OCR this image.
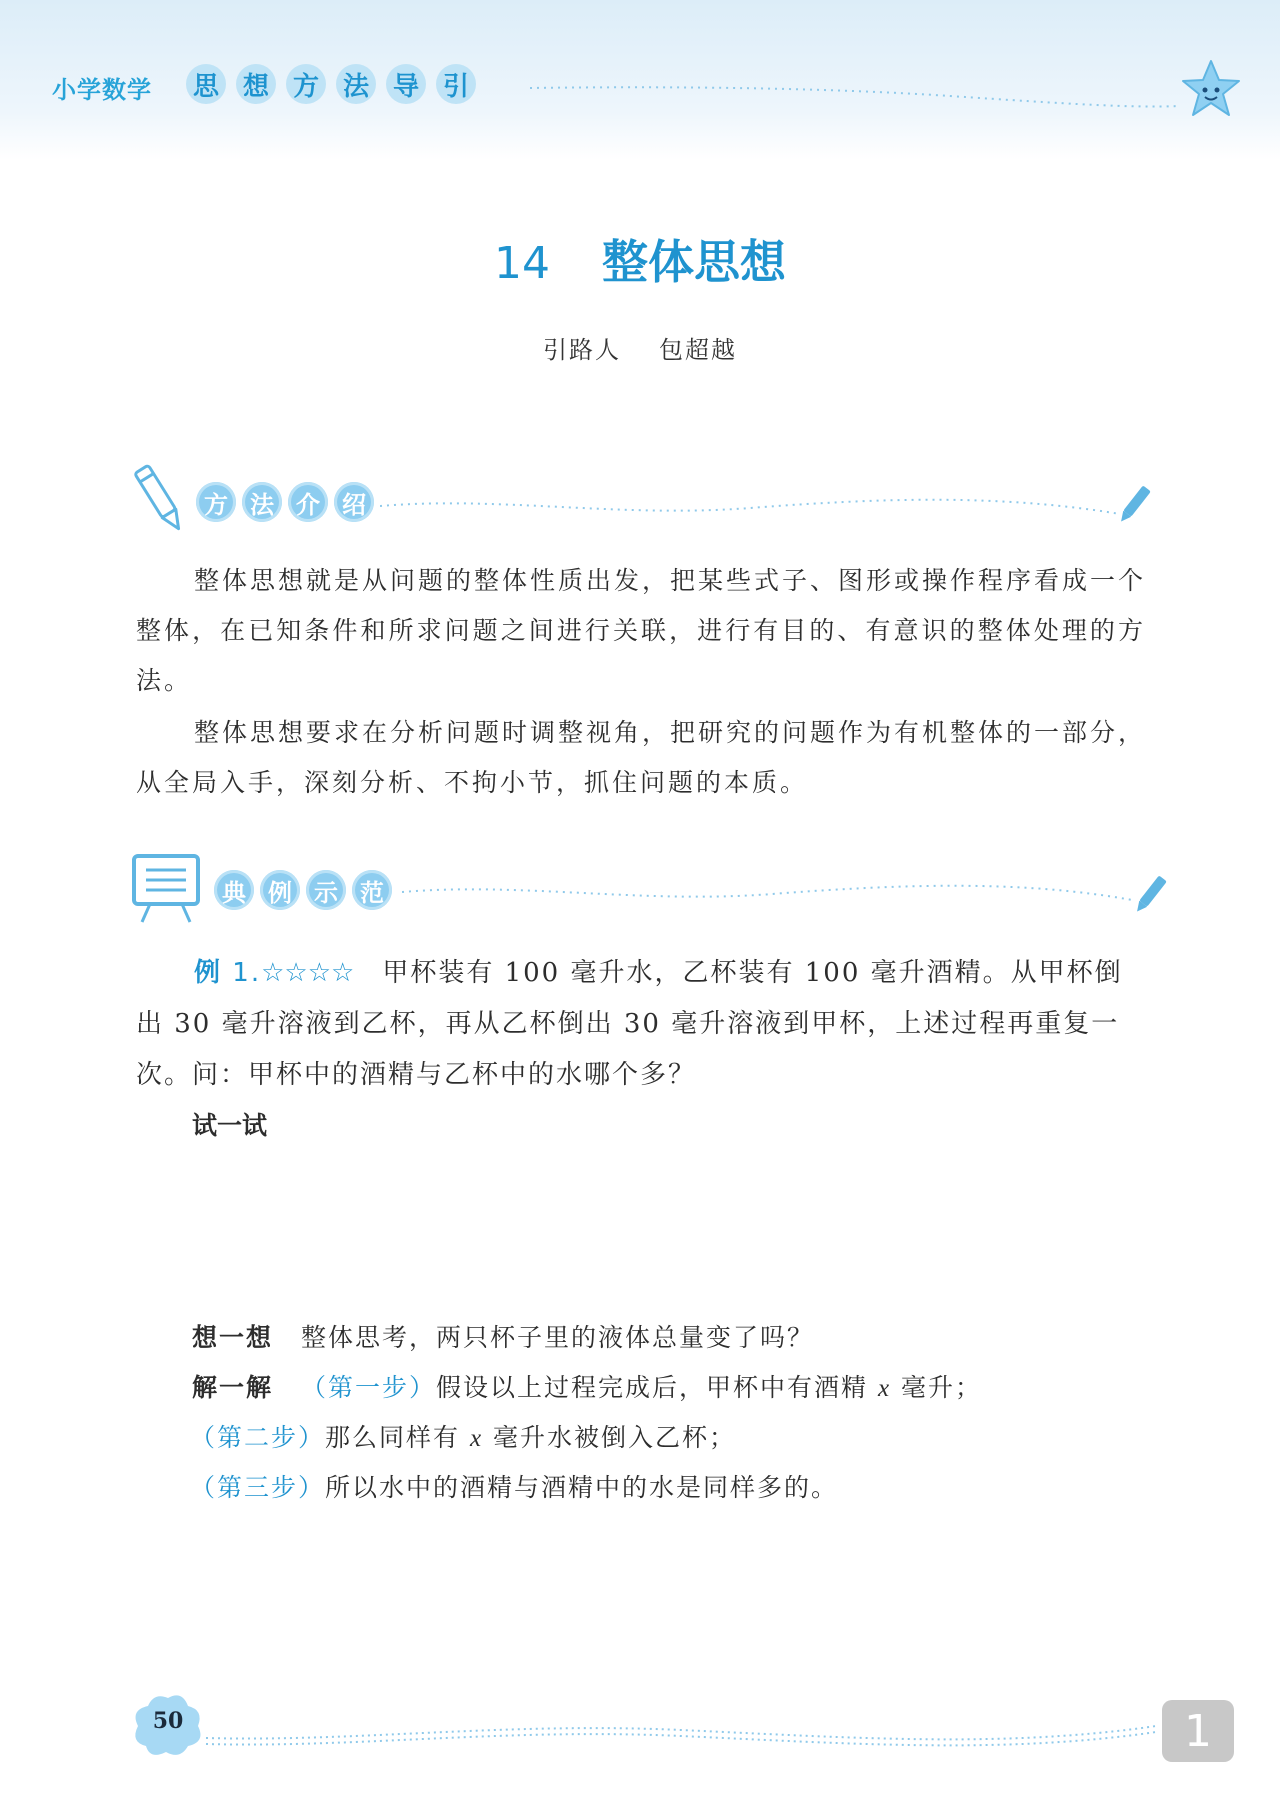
小学数学 思 想 方 法 导 引
14 整体思想
引路人 包超越
方 法 介 绍
整体思想就是从问题的整体性质出发，把某些式子、图形或操作程序看成一个整体，在已知条件和所求问题之间进行关联，进行有目的、有意识的整体处理的方法。
整体思想要求在分析问题时调整视角，把研究的问题作为有机整体的一部分，从全局入手，深刻分析、不拘小节，抓住问题的本质。
典 例 示 范
例 1.☆☆☆☆ 甲杯装有 100 毫升水，乙杯装有 100 毫升酒精。从甲杯倒出 30 毫升溶液到乙杯，再从乙杯倒出 30 毫升溶液到甲杯，上述过程再重复一次。问：甲杯中的酒精与乙杯中的水哪个多？
试一试
想一想 整体思考，两只杯子里的液体总量变了吗？
解一解 （第一步）假设以上过程完成后，甲杯中有酒精 x 毫升；
（第二步）那么同样有 x 毫升水被倒入乙杯；
（第三步）所以水中的酒精与酒精中的水是同样多的。
50	1
